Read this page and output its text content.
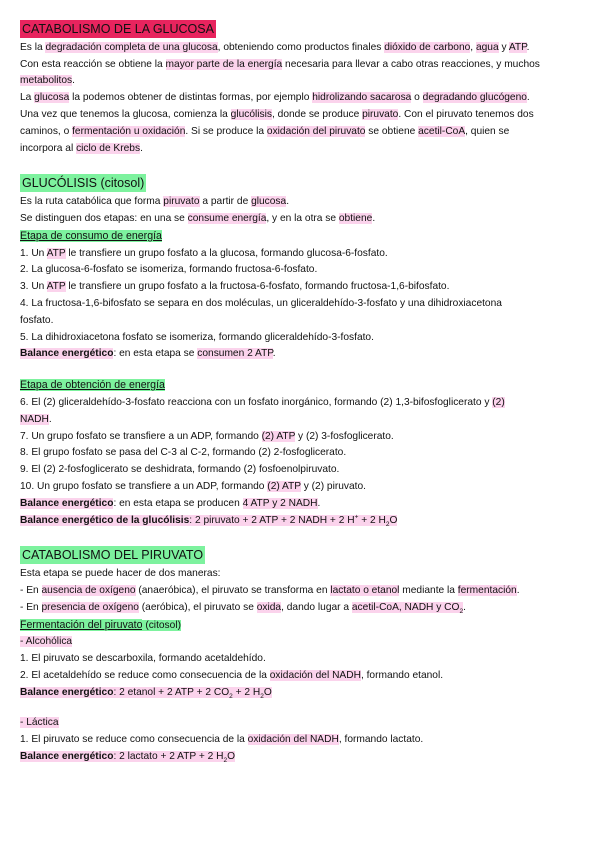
CATABOLISMO DE LA GLUCOSA

Es la degradación completa de una glucosa, obteniendo como productos finales dióxido de carbono, agua y ATP.

Con esta reacción se obtiene la mayor parte de la energía necesaria para llevar a cabo otras reacciones, y muchos
metabolitos.

La glucosa la podemos obtener de distintas formas, por ejemplo hidrolizando sacarosa o degradando glucógeno.

Una vez que tenemos la glucosa, comienza la glucólisis, donde se produce piruvato. Con el piruvato tenemos dos

caminos, o fermentación u oxidación. Si se produce la oxidación del piruvato se obtiene acetil-CoA, quien se

incorpora al ciclo de Krebs.

GLUCÓLISIS (citosol)

Es la ruta catabólica que forma piruvato a partir de glucosa.

Se distinguen dos etapas: en una se consume energía, y en la otra se obtiene.

Etapa de consumo de energía

1. Un ATP le transfiere un grupo fosfato a la glucosa, formando glucosa-6-fosfato.

2. La glucosa-6-fosfato se isomeriza, formando fructosa-6-fosfato.

3. Un ATP le transfiere un grupo fosfato a la fructosa-6-fosfato, formando fructosa-1,6-bifosfato.

4. La fructosa-1,6-bifosfato se separa en dos moléculas, un gliceraldehído-3-fosfato y una dihidroxiacetona
fosfato.

5. La dihidroxiacetona fosfato se isomeriza, formando gliceraldehído-3-fosfato.

Balance energético: en esta etapa se consumen 2 ATP.

Etapa de obtención de energía

6. El (2) gliceraldehído-3-fosfato reacciona con un fosfato inorgánico, formando (2) 1,3-bifosfoglicerato y (2)
NADH.

7. Un grupo fosfato se transfiere a un ADP, formando (2) ATP y (2) 3-fosfoglicerato.

8. El grupo fosfato se pasa del C-3 al C-2, formando (2) 2-fosfoglicerato.

9. El (2) 2-fosfoglicerato se deshidrata, formando (2) fosfoenolpiruvato.

10. Un grupo fosfato se transfiere a un ADP, formando (2) ATP y (2) piruvato.

Balance energético: en esta etapa se producen 4 ATP y 2 NADH.

Balance energético de la glucólisis: 2 piruvato + 2 ATP + 2 NADH + 2 H+ + 2 $H_2O$

CATABOLISMO DEL PIRUVATO

Esta etapa se puede hacer de dos maneras:

- En ausencia de oxígeno (anaeróbica), el piruvato se transforma en lactato o etanol mediante la fermentación.

- En presencia de oxígeno (aeróbica), el piruvato se oxida, dando lugar a acetil-CoA, NADH y $CO_2$.

Fermentación del piruvato (citosol)

- Alcohólica

1. El piruvato se descarboxila, formando acetaldehído.

2. El acetaldehído se reduce como consecuencia de la oxidación del NADH, formando etanol.

Balance energético: 2 etanol + 2 ATP + 2 $CO_2 + 2$ $H_2O$

- Láctica

1. El piruvato se reduce como consecuencia de la oxidación del NADH, formando lactato.

Balance energético: 2 lactato + 2 ATP + 2 $H_2O$
